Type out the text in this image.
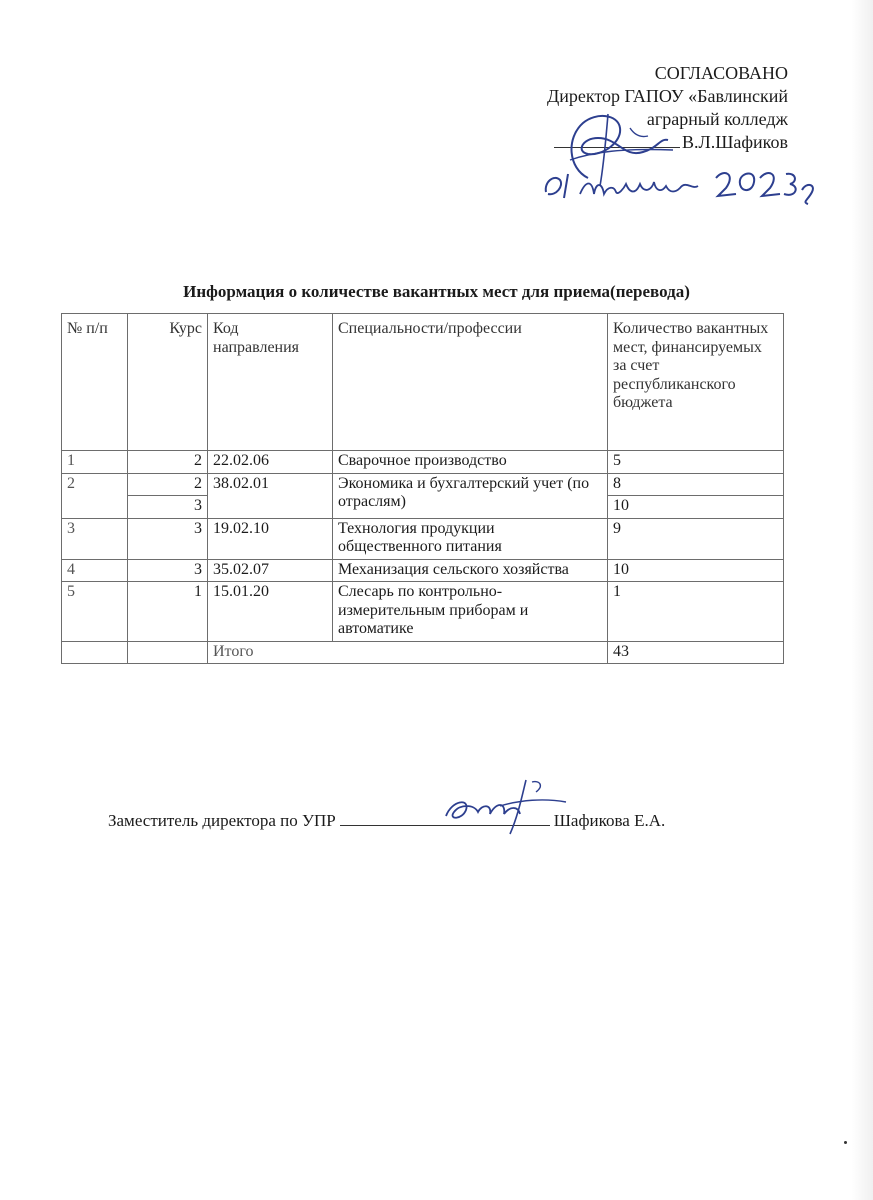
СОГЛАСОВАНО
Директор ГАПОУ «Бавлинский
аграрный колледж
В.Л.Шафиков
Информация о количестве вакантных мест для приема(перевода)
№ п/п	Курс	Код направления	Специальности/профессии	Количество вакантных мест, финансируемых за счет республиканского бюджета
1	2	22.02.06	Сварочное производство	5
2	2	38.02.01	Экономика и бухгалтерский учет (по отраслям)	8
	3			10
3	3	19.02.10	Технология продукции общественного питания	9
4	3	35.02.07	Механизация сельского хозяйства	10
5	1	15.01.20	Слесарь по контрольно-измерительным приборам и автоматике	1
		Итого		43
Заместитель директора по УПР	Шафикова Е.А.
